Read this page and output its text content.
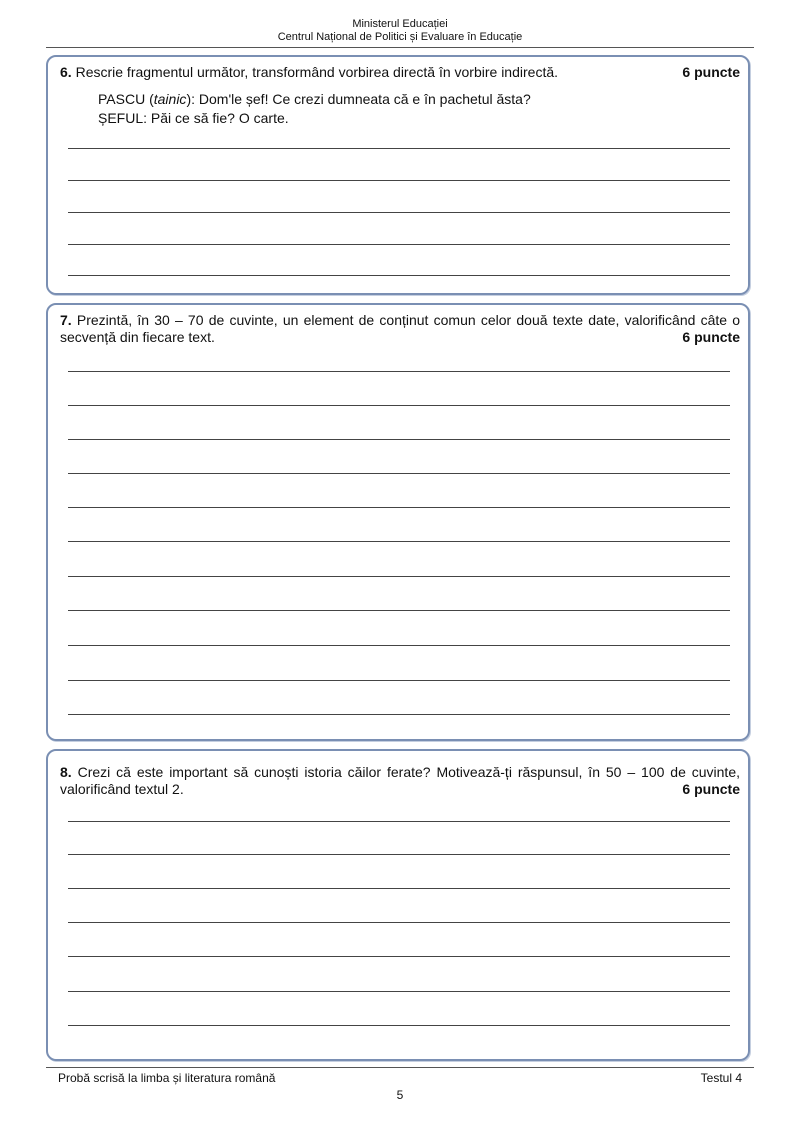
Ministerul Educației
Centrul Național de Politici și Evaluare în Educație
6. Rescrie fragmentul următor, transformând vorbirea directă în vorbire indirectă.	6 puncte
PASCU (tainic): Dom'le șef! Ce crezi dumneata că e în pachetul ăsta?
ȘEFUL: Păi ce să fie? O carte.
7. Prezintă, în 30 – 70 de cuvinte, un element de conținut comun celor două texte date, valorificând câte o secvență din fiecare text.	6 puncte
8. Crezi că este important să cunoști istoria căilor ferate? Motivează-ți răspunsul, în 50 – 100 de cuvinte, valorificând textul 2.	6 puncte
Probă scrisă la limba și literatura română	Testul 4
5
